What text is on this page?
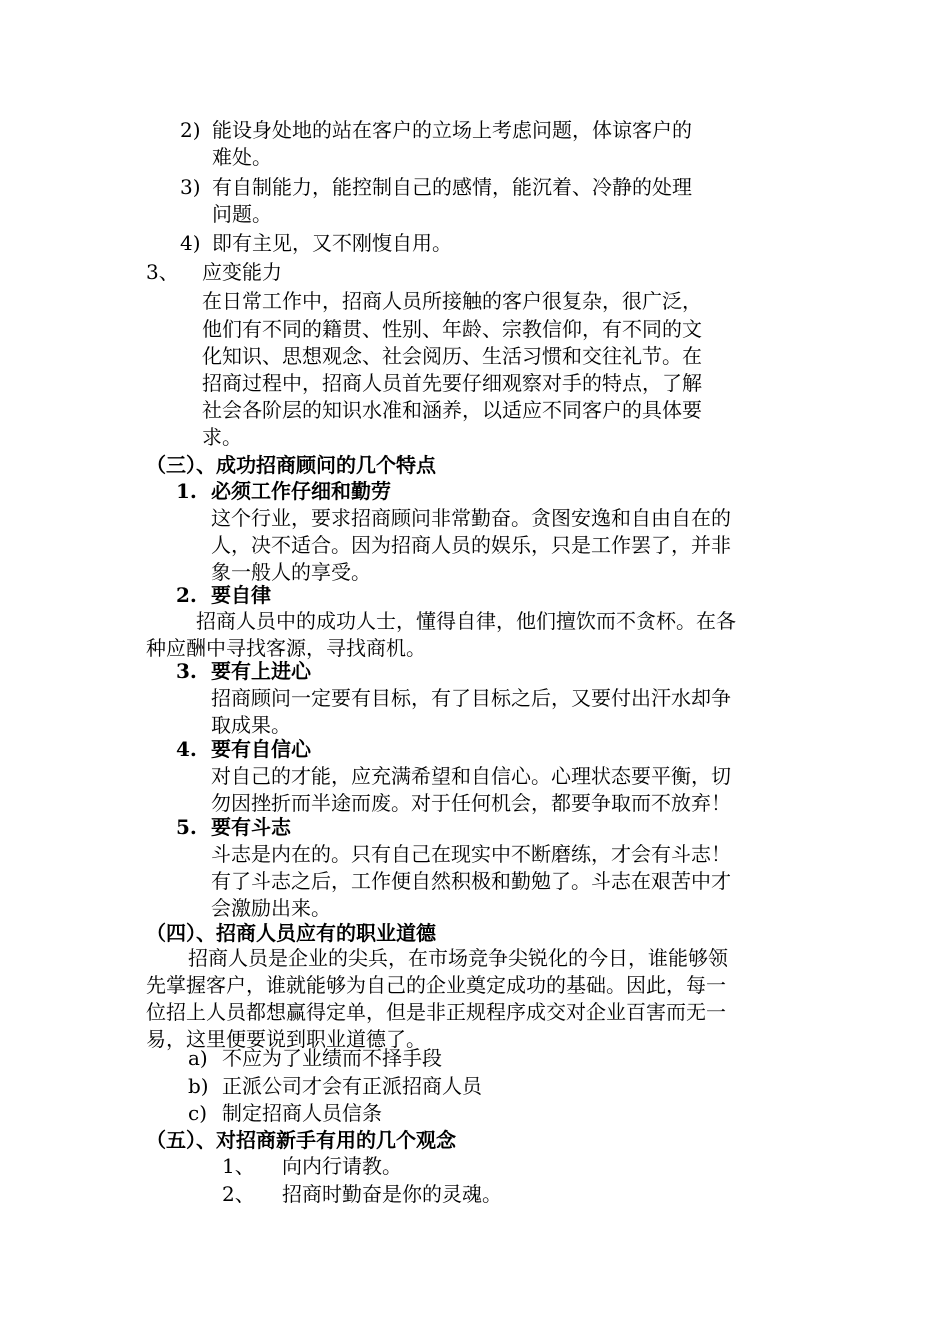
2) 能设身处地的站在客户的立场上考虑问题，体谅客户的
难处。
3) 有自制能力，能控制自己的感情，能沉着、冷静的处理
问题。
4) 即有主见，又不刚愎自用。
3、 应变能力
在日常工作中，招商人员所接触的客户很复杂，很广泛，
他们有不同的籍贯、性别、年龄、宗教信仰，有不同的文
化知识、思想观念、社会阅历、生活习惯和交往礼节。在
招商过程中，招商人员首先要仔细观察对手的特点，了解
社会各阶层的知识水准和涵养，以适应不同客户的具体要
求。
（三）、成功招商顾问的几个特点
1. 必须工作仔细和勤劳
这个行业，要求招商顾问非常勤奋。贪图安逸和自由自在的
人，决不适合。因为招商人员的娱乐，只是工作罢了，并非
象一般人的享受。
2. 要自律
招商人员中的成功人士，懂得自律，他们擅饮而不贪杯。在各
种应酬中寻找客源，寻找商机。
3. 要有上进心
招商顾问一定要有目标，有了目标之后，又要付出汗水却争
取成果。
4. 要有自信心
对自己的才能，应充满希望和自信心。心理状态要平衡，切
勿因挫折而半途而废。对于任何机会，都要争取而不放弃！
5. 要有斗志
斗志是内在的。只有自己在现实中不断磨练，才会有斗志！
有了斗志之后，工作便自然积极和勤勉了。斗志在艰苦中才
会激励出来。
（四）、招商人员应有的职业道德
招商人员是企业的尖兵，在市场竞争尖锐化的今日，谁能够领
先掌握客户，谁就能够为自己的企业奠定成功的基础。因此，每一
位招上人员都想赢得定单，但是非正规程序成交对企业百害而无一
易，这里便要说到职业道德了。
a) 不应为了业绩而不择手段
b) 正派公司才会有正派招商人员
c) 制定招商人员信条
（五）、对招商新手有用的几个观念
1、 向内行请教。
2、 招商时勤奋是你的灵魂。
